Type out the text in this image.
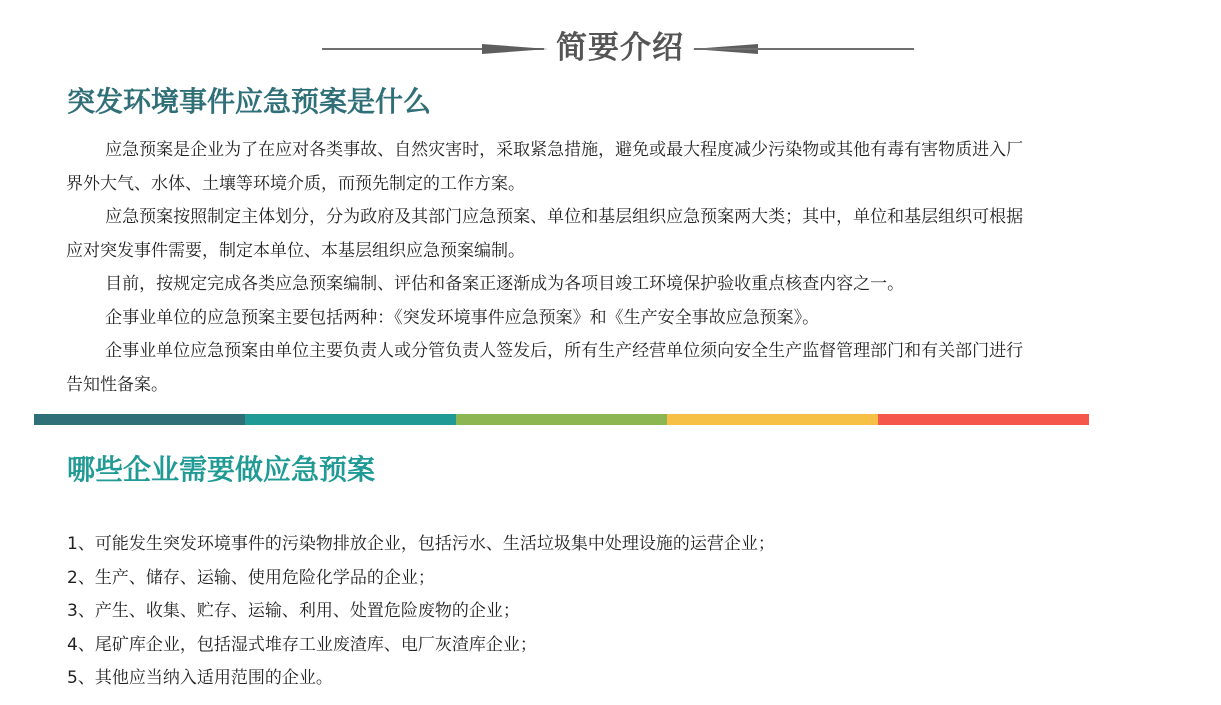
简要介绍
突发环境事件应急预案是什么

应急预案是企业为了在应对各类事故、自然灾害时，采取紧急措施，避免或最大程度减少污染物或其他有毒有害物质进入厂界外大气、水体、土壤等环境介质，而预先制定的工作方案。

应急预案按照制定主体划分，分为政府及其部门应急预案、单位和基层组织应急预案两大类；其中，单位和基层组织可根据应对突发事件需要，制定本单位、本基层组织应急预案编制。

目前，按规定完成各类应急预案编制、评估和备案正逐渐成为各项目竣工环境保护验收重点核查内容之一。

企事业单位的应急预案主要包括两种：《突发环境事件应急预案》和《生产安全事故应急预案》。

企事业单位应急预案由单位主要负责人或分管负责人签发后，所有生产经营单位须向安全生产监督管理部门和有关部门进行告知性备案。

哪些企业需要做应急预案
1、可能发生突发环境事件的污染物排放企业，包括污水、生活垃圾集中处理设施的运营企业；
2、生产、储存、运输、使用危险化学品的企业；
3、产生、收集、贮存、运输、利用、处置危险废物的企业；
4、尾矿库企业，包括湿式堆存工业废渣库、电厂灰渣库企业；
5、其他应当纳入适用范围的企业。
